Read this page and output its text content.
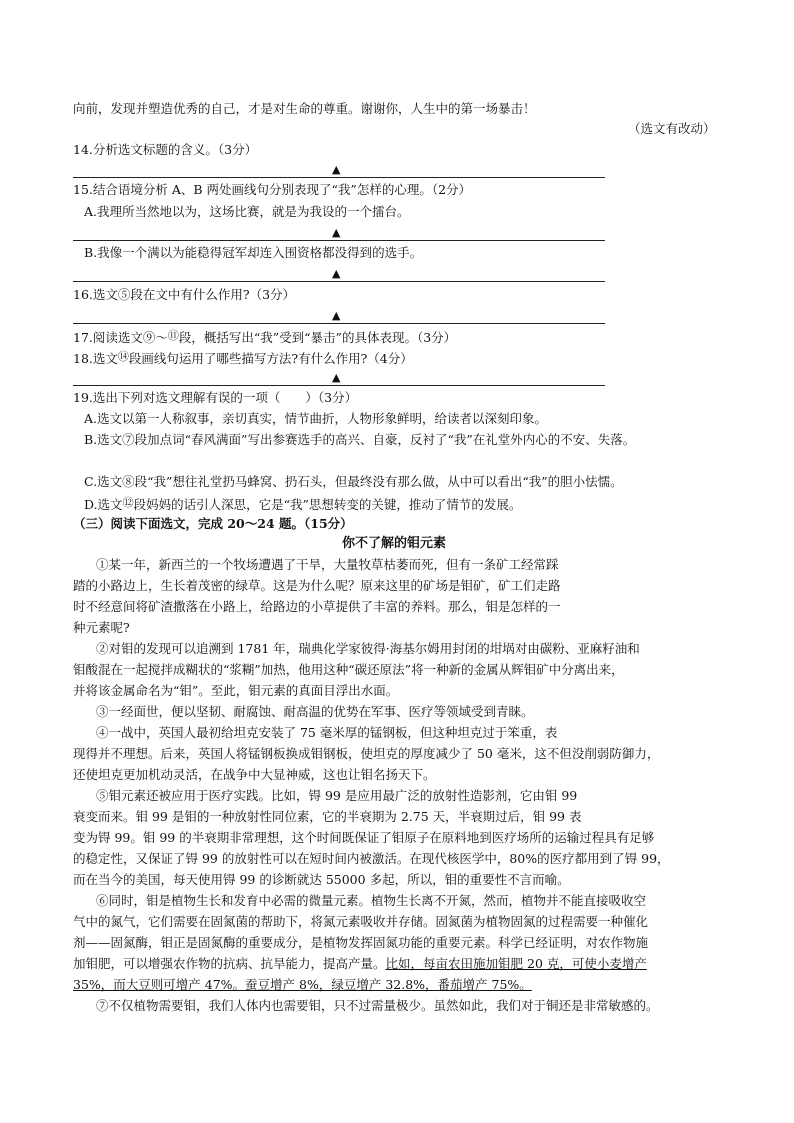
向前，发现并塑造优秀的自己，才是对生命的尊重。谢谢你，人生中的第一场暴击！
（选文有改动）
14.分析选文标题的含义。（3分）
▲
15.结合语境分析 A、B 两处画线句分别表现了“我”怎样的心理。（2分）
A.我理所当然地以为，这场比赛，就是为我设的一个擂台。
▲
B.我像一个满以为能稳得冠军却连入围资格都没得到的选手。
▲
16.选文⑤段在文中有什么作用?（3分）
▲
17.阅读选文⑨～⑪段，概括写出“我”受到“暴击”的具体表现。（3分）
18.选文⑭段画线句运用了哪些描写方法?有什么作用?（4分）
▲
19.选出下列对选文理解有误的一项（　　）（3分）
A.选文以第一人称叙事，亲切真实，情节曲折，人物形象鲜明，给读者以深刻印象。
B.选文⑦段加点词“春风满面”写出参赛选手的高兴、自豪，反衬了“我”在礼堂外内心的不安、失落。
C.选文⑧段“我”想往礼堂扔马蜂窝、扔石头，但最终没有那么做，从中可以看出“我”的胆小怯懦。
D.选文⑫段妈妈的话引人深思，它是“我”思想转变的关键，推动了情节的发展。
（三）阅读下面选文，完成 20～24 题。（15分）
你不了解的钼元素
①某一年，新西兰的一个牧场遭遇了干旱，大量牧草枯萎而死，但有一条矿工经常踩
踏的小路边上，生长着茂密的绿草。这是为什么呢？原来这里的矿场是钼矿，矿工们走路
时不经意间将矿渣撒落在小路上，给路边的小草提供了丰富的养料。那么，钼是怎样的一
种元素呢?
②对钼的发现可以追溯到 1781 年，瑞典化学家彼得·海基尔姆用封闭的坩埚对由碳粉、亚麻籽油和
钼酸混在一起搅拌成糊状的“浆糊”加热，他用这种“碳还原法”将一种新的金属从辉钼矿中分离出来，
并将该金属命名为“钼”。至此，钼元素的真面目浮出水面。
③一经面世，便以坚韧、耐腐蚀、耐高温的优势在军事、医疗等领域受到青睐。
④一战中，英国人最初给坦克安装了 75 毫米厚的锰钢板，但这种坦克过于笨重，表
现得并不理想。后来，英国人将锰钢板换成钼钢板，使坦克的厚度减少了 50 毫米，这不但没削弱防御力，
还使坦克更加机动灵活，在战争中大显神威，这也让钼名扬天下。
⑤钼元素还被应用于医疗实践。比如，锝 99 是应用最广泛的放射性造影剂，它由钼 99
衰变而来。钼 99 是钼的一种放射性同位素，它的半衰期为 2.75 天，半衰期过后，钼 99 表
变为锝 99。钼 99 的半衰期非常理想，这个时间既保证了钼原子在原料地到医疗场所的运输过程具有足够
的稳定性，又保证了锝 99 的放射性可以在短时间内被激活。在现代核医学中，80%的医疗都用到了锝 99，
而在当今的美国，每天使用锝 99 的诊断就达 55000 多起，所以，钼的重要性不言而喻。
⑥同时，钼是植物生长和发育中必需的微量元素。植物生长离不开氮，然而，植物并不能直接吸收空
气中的氮气，它们需要在固氮菌的帮助下，将氮元素吸收并存储。固氮菌为植物固氮的过程需要一种催化
剂——固氮酶，钼正是固氮酶的重要成分，是植物发挥固氮功能的重要元素。科学已经证明，对农作物施
加钼肥，可以增强农作物的抗病、抗旱能力，提高产量。比如，每亩农田施加钼肥 20 克，可使小麦增产
35%，而大豆则可增产 47%。蚕豆增产 8%，绿豆增产 32.8%，番茄增产 75%。
⑦不仅植物需要钼，我们人体内也需要钼，只不过需量极少。虽然如此，我们对于铜还是非常敏感的。
